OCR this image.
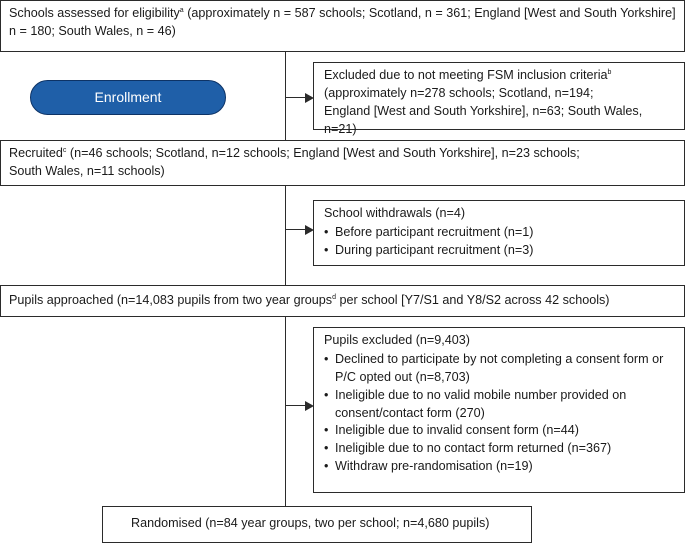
Schools assessed for eligibility$^a$ (approximately n = 587 schools; Scotland, n = 361; England [West and South Yorkshire]
n = 180; South Wales, n = 46)
Enrollment
Excluded due to not meeting FSM inclusion criteria$^b$
(approximately n=278 schools; Scotland, n=194;
England [West and South Yorkshire], n=63; South Wales, n=21)
Recruited$^c$ (n=46 schools; Scotland, n=12 schools; England [West and South Yorkshire], n=23 schools;
South Wales, n=11 schools)
School withdrawals (n=4)
• Before participant recruitment (n=1)
• During participant recruitment (n=3)
Pupils approached (n=14,083 pupils from two year groups$^d$ per school [Y7/S1 and Y8/S2 across 42 schools)
Pupils excluded (n=9,403)
• Declined to participate by not completing a consent form or P/C opted out (n=8,703)
• Ineligible due to no valid mobile number provided on consent/contact form (270)
• Ineligible due to invalid consent form (n=44)
• Ineligible due to no contact form returned (n=367)
• Withdraw pre-randomisation (n=19)
Randomised (n=84 year groups, two per school; n=4,680 pupils)
